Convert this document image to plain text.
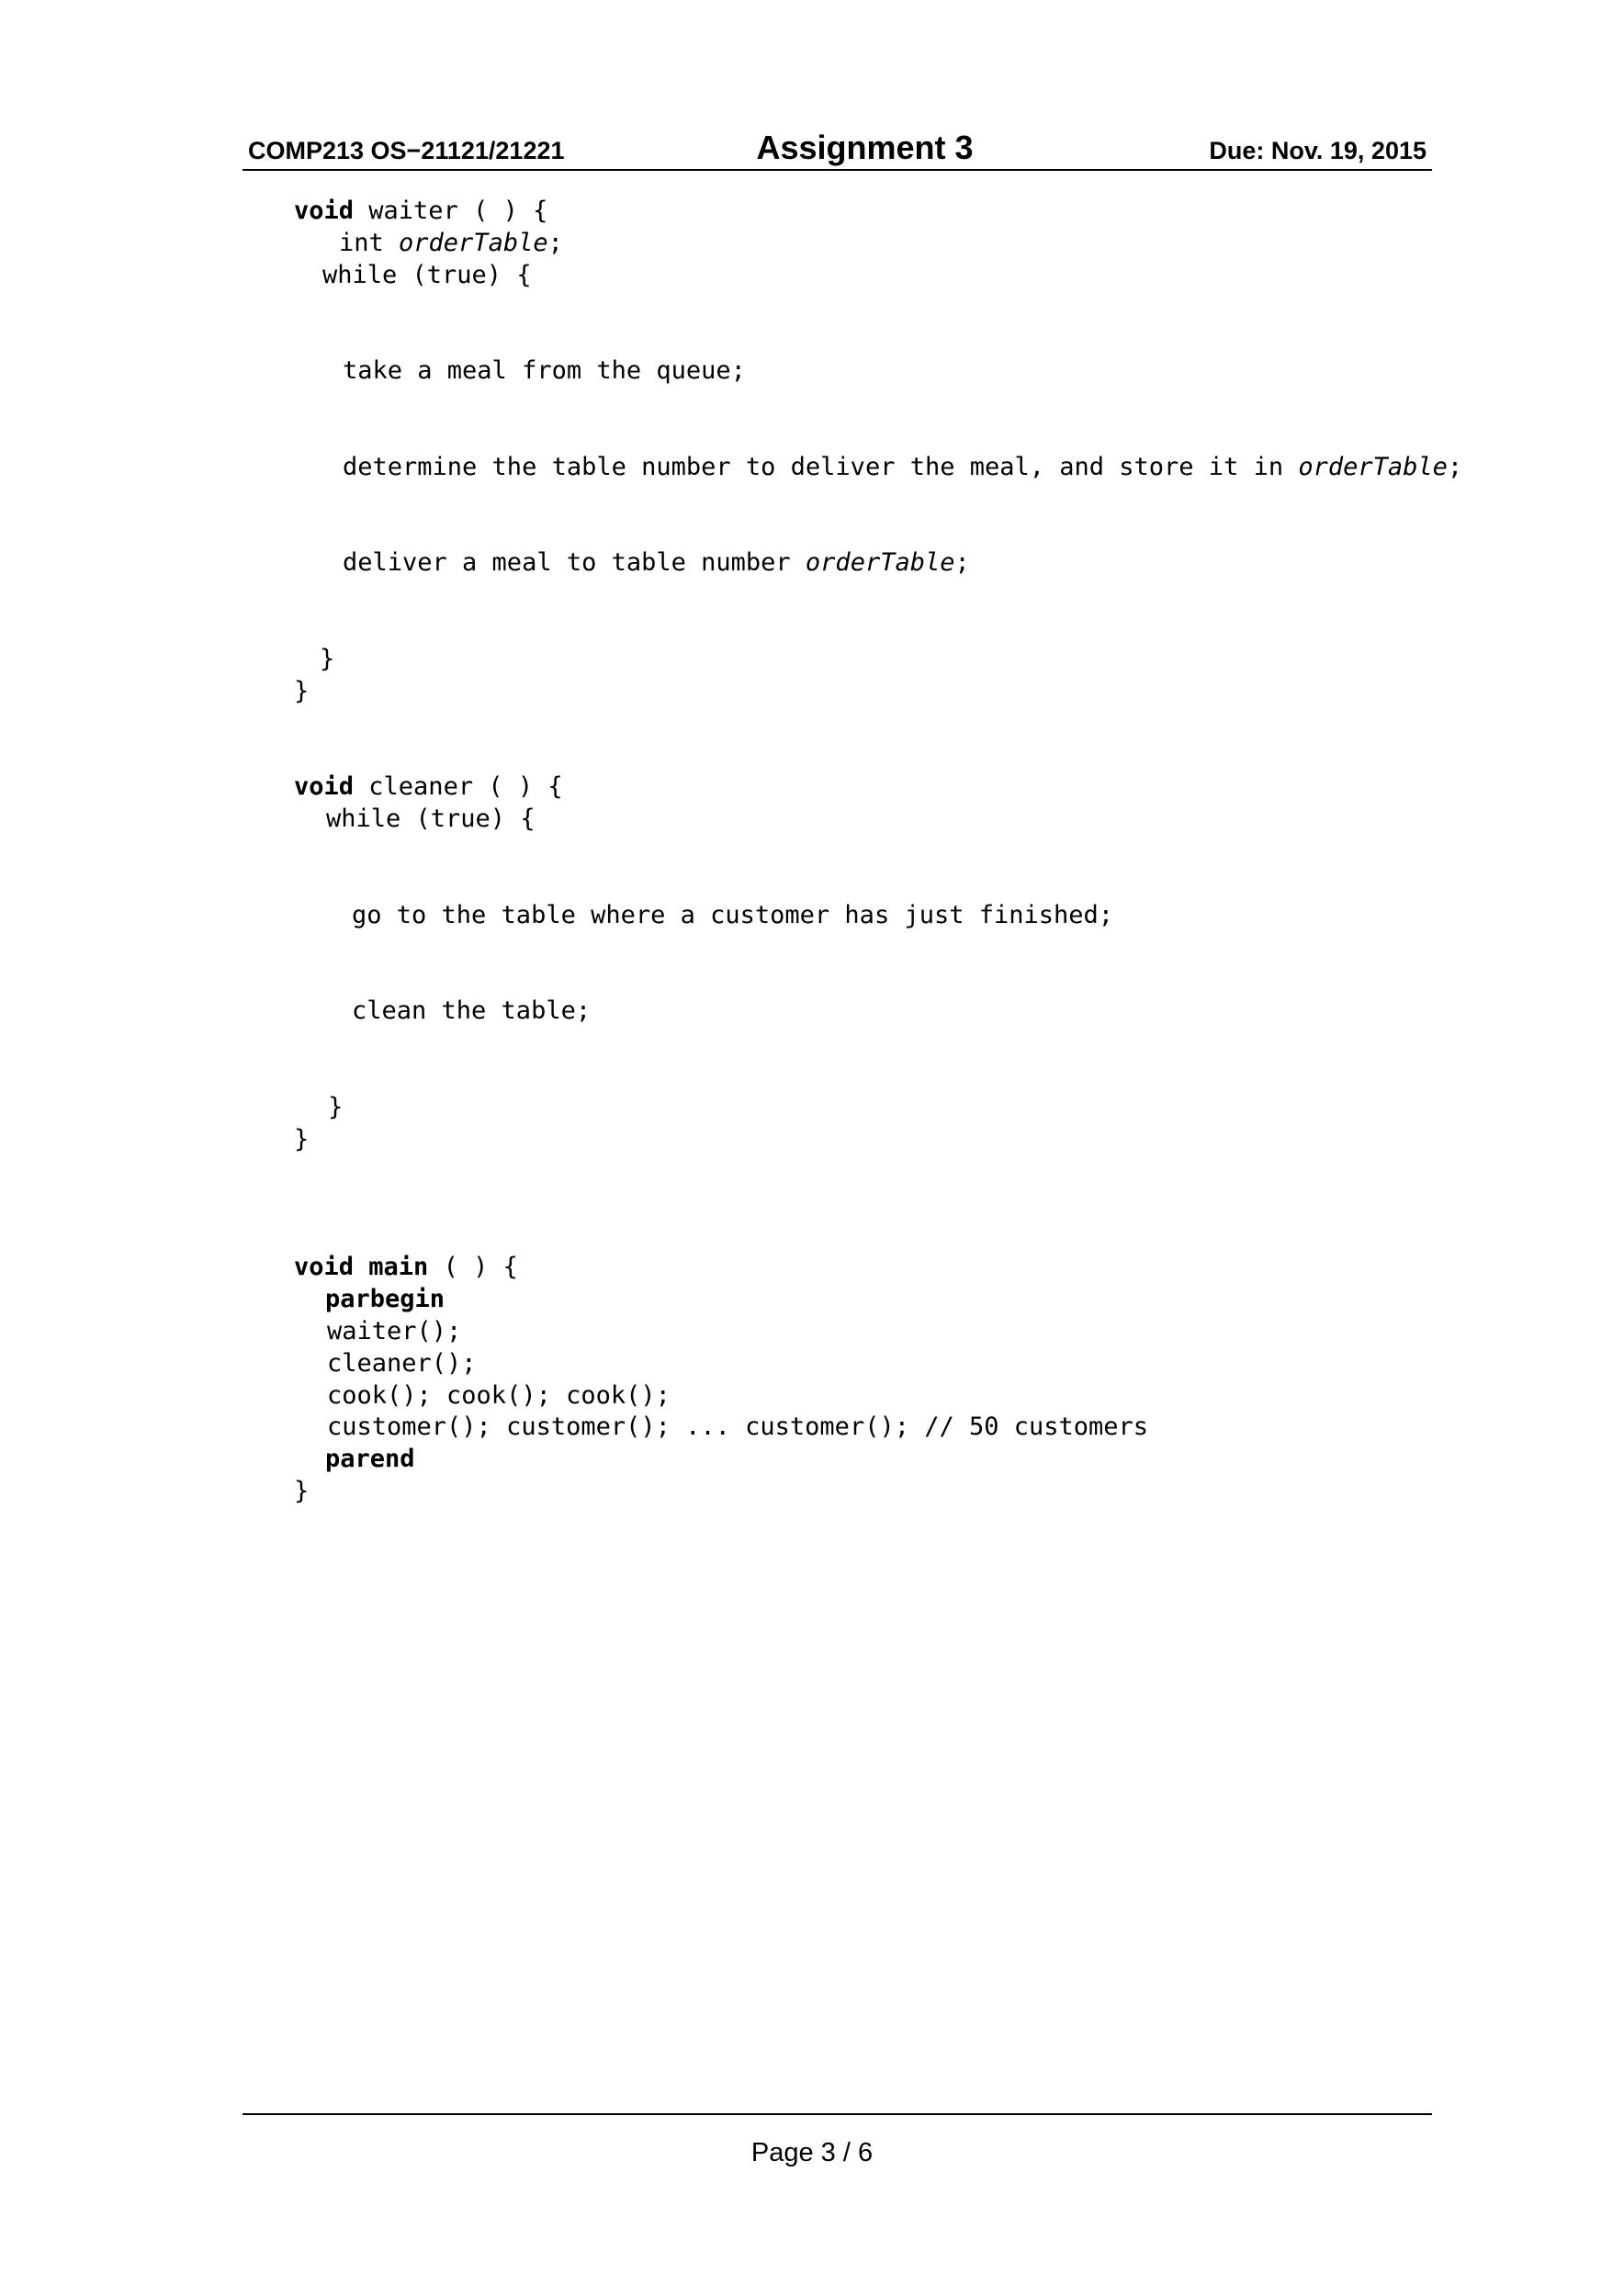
COMP213 OS−21121/21221	Assignment 3	Due: Nov. 19, 2015

void waiter ( ) {

int orderTable;

while (true) {

take a meal from the queue;

determine the table number to deliver the meal, and store it in orderTable;

deliver a meal to table number orderTable;

}

}

void cleaner ( ) {

while (true) {

go to the table where a customer has just finished;

clean the table;

}

}

void main ( ) {

parbegin

waiter();

cleaner();

cook(); cook(); cook();

customer(); customer(); ... customer(); // 50 customers

parend

}

Page 3 / 6
